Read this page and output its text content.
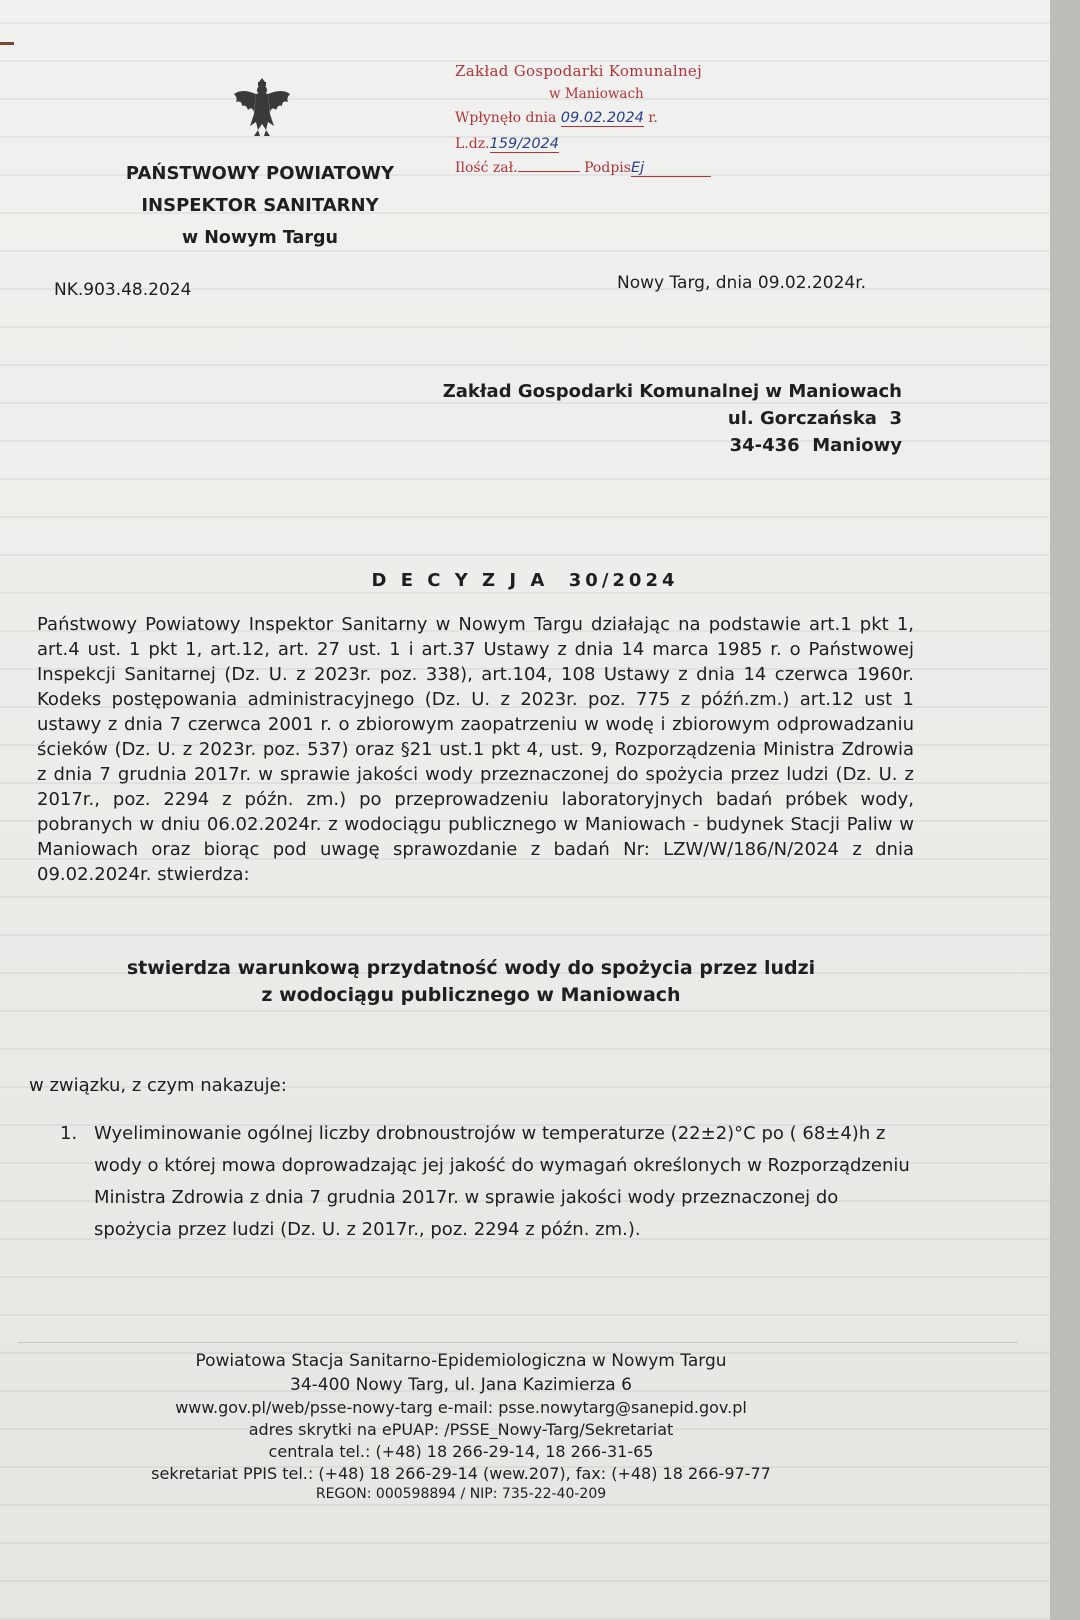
PAŃSTWOWY POWIATOWY
INSPEKTOR SANITARNY
w Nowym Targu
Zakład Gospodarki Komunalnej
w Maniowach
Wpłynęło dnia 09.02.2024 r.
L.dz.159/2024
Ilość zał.	PodpisEj
NK.903.48.2024	Nowy Targ, dnia 09.02.2024r.
Zakład Gospodarki Komunalnej w Maniowach
ul. Gorczańska  3
34-436  Maniowy
D E C Y Z J A  30/2024
Państwowy Powiatowy Inspektor Sanitarny w Nowym Targu działając na podstawie art.1 pkt 1, art.4 ust. 1 pkt 1, art.12, art. 27 ust. 1 i art.37 Ustawy z dnia 14 marca 1985 r. o Państwowej Inspekcji Sanitarnej (Dz. U. z 2023r. poz. 338), art.104, 108 Ustawy z dnia 14 czerwca 1960r. Kodeks postępowania administracyjnego (Dz. U. z 2023r. poz. 775 z późń.zm.) art.12 ust 1 ustawy z dnia 7 czerwca 2001 r. o zbiorowym zaopatrzeniu w wodę i zbiorowym odprowadzaniu ścieków (Dz. U. z 2023r. poz. 537) oraz §21 ust.1 pkt 4, ust. 9, Rozporządzenia Ministra Zdrowia z dnia 7 grudnia 2017r. w sprawie jakości wody przeznaczonej do spożycia przez ludzi (Dz. U. z 2017r., poz. 2294 z późn. zm.) po przeprowadzeniu laboratoryjnych badań próbek wody, pobranych w dniu 06.02.2024r. z wodociągu publicznego w Maniowach - budynek Stacji Paliw w Maniowach oraz biorąc pod uwagę sprawozdanie z badań Nr: LZW/W/186/N/2024 z dnia 09.02.2024r. stwierdza:
stwierdza warunkową przydatność wody do spożycia przez ludzi
z wodociągu publicznego w Maniowach
w związku, z czym nakazuje:
1. Wyeliminowanie ogólnej liczby drobnoustrojów w temperaturze (22±2)°C po ( 68±4)h z wody o której mowa doprowadzając jej jakość do wymagań określonych w Rozporządzeniu Ministra Zdrowia z dnia 7 grudnia 2017r. w sprawie jakości wody przeznaczonej do spożycia przez ludzi (Dz. U. z 2017r., poz. 2294 z późn. zm.).
Powiatowa Stacja Sanitarno-Epidemiologiczna w Nowym Targu
34-400 Nowy Targ, ul. Jana Kazimierza 6
www.gov.pl/web/psse-nowy-targ e-mail: psse.nowytarg@sanepid.gov.pl
adres skrytki na ePUAP: /PSSE_Nowy-Targ/Sekretariat
centrala tel.: (+48) 18 266-29-14, 18 266-31-65
sekretariat PPIS tel.: (+48) 18 266-29-14 (wew.207), fax: (+48) 18 266-97-77
REGON: 000598894 / NIP: 735-22-40-209
